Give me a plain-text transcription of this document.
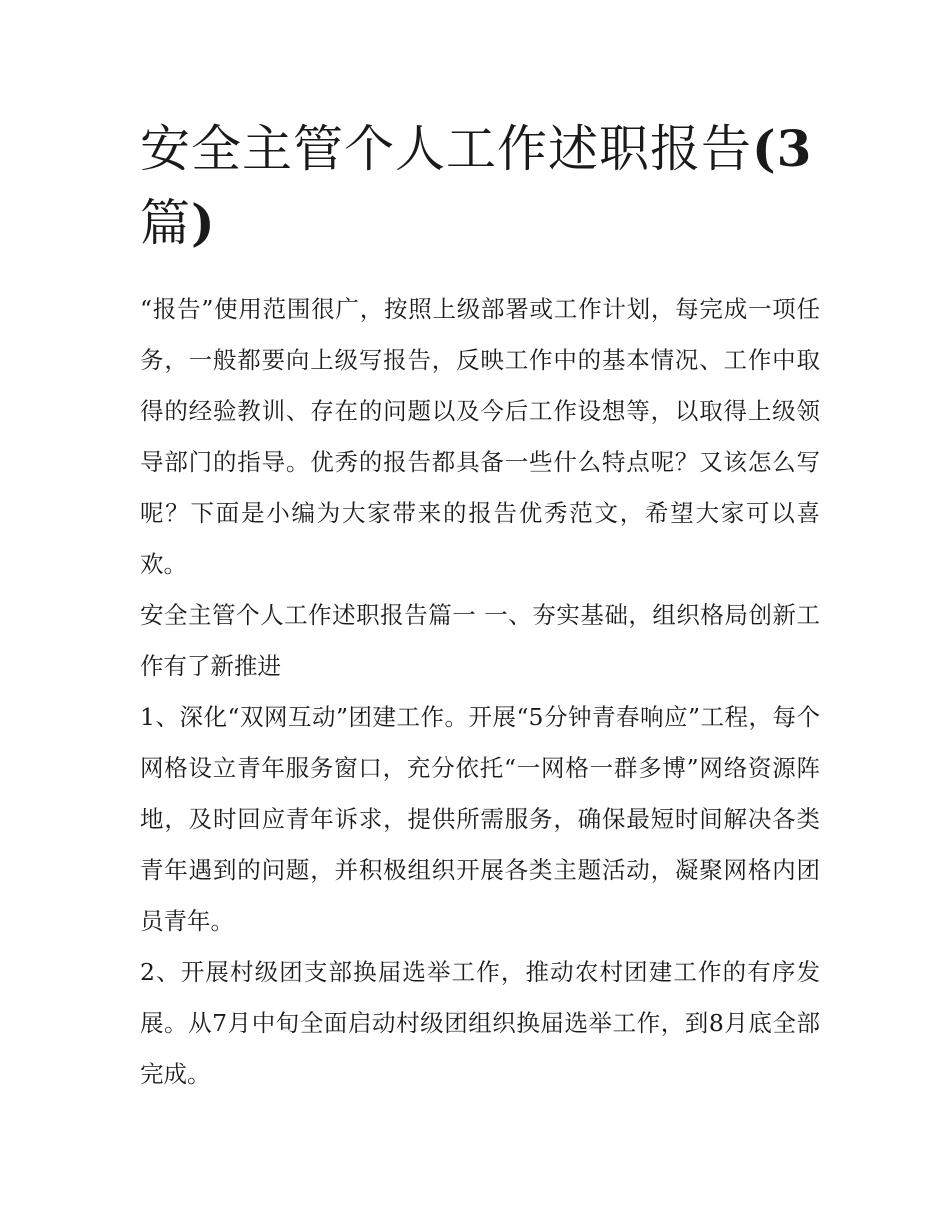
安全主管个人工作述职报告(3
篇)

“报告”使用范围很广，按照上级部署或工作计划，每完成一项任务，一般都要向上级写报告，反映工作中的基本情况、工作中取得的经验教训、存在的问题以及今后工作设想等，以取得上级领导部门的指导。优秀的报告都具备一些什么特点呢？又该怎么写呢？下面是小编为大家带来的报告优秀范文，希望大家可以喜欢。

安全主管个人工作述职报告篇一 一、夯实基础，组织格局创新工作有了新推进

1、深化“双网互动”团建工作。开展“5分钟青春响应”工程，每个网格设立青年服务窗口，充分依托“一网格一群多博”网络资源阵地，及时回应青年诉求，提供所需服务，确保最短时间解决各类青年遇到的问题，并积极组织开展各类主题活动，凝聚网格内团员青年。

2、开展村级团支部换届选举工作，推动农村团建工作的有序发展。从7月中旬全面启动村级团组织换届选举工作，到8月底全部完成。
